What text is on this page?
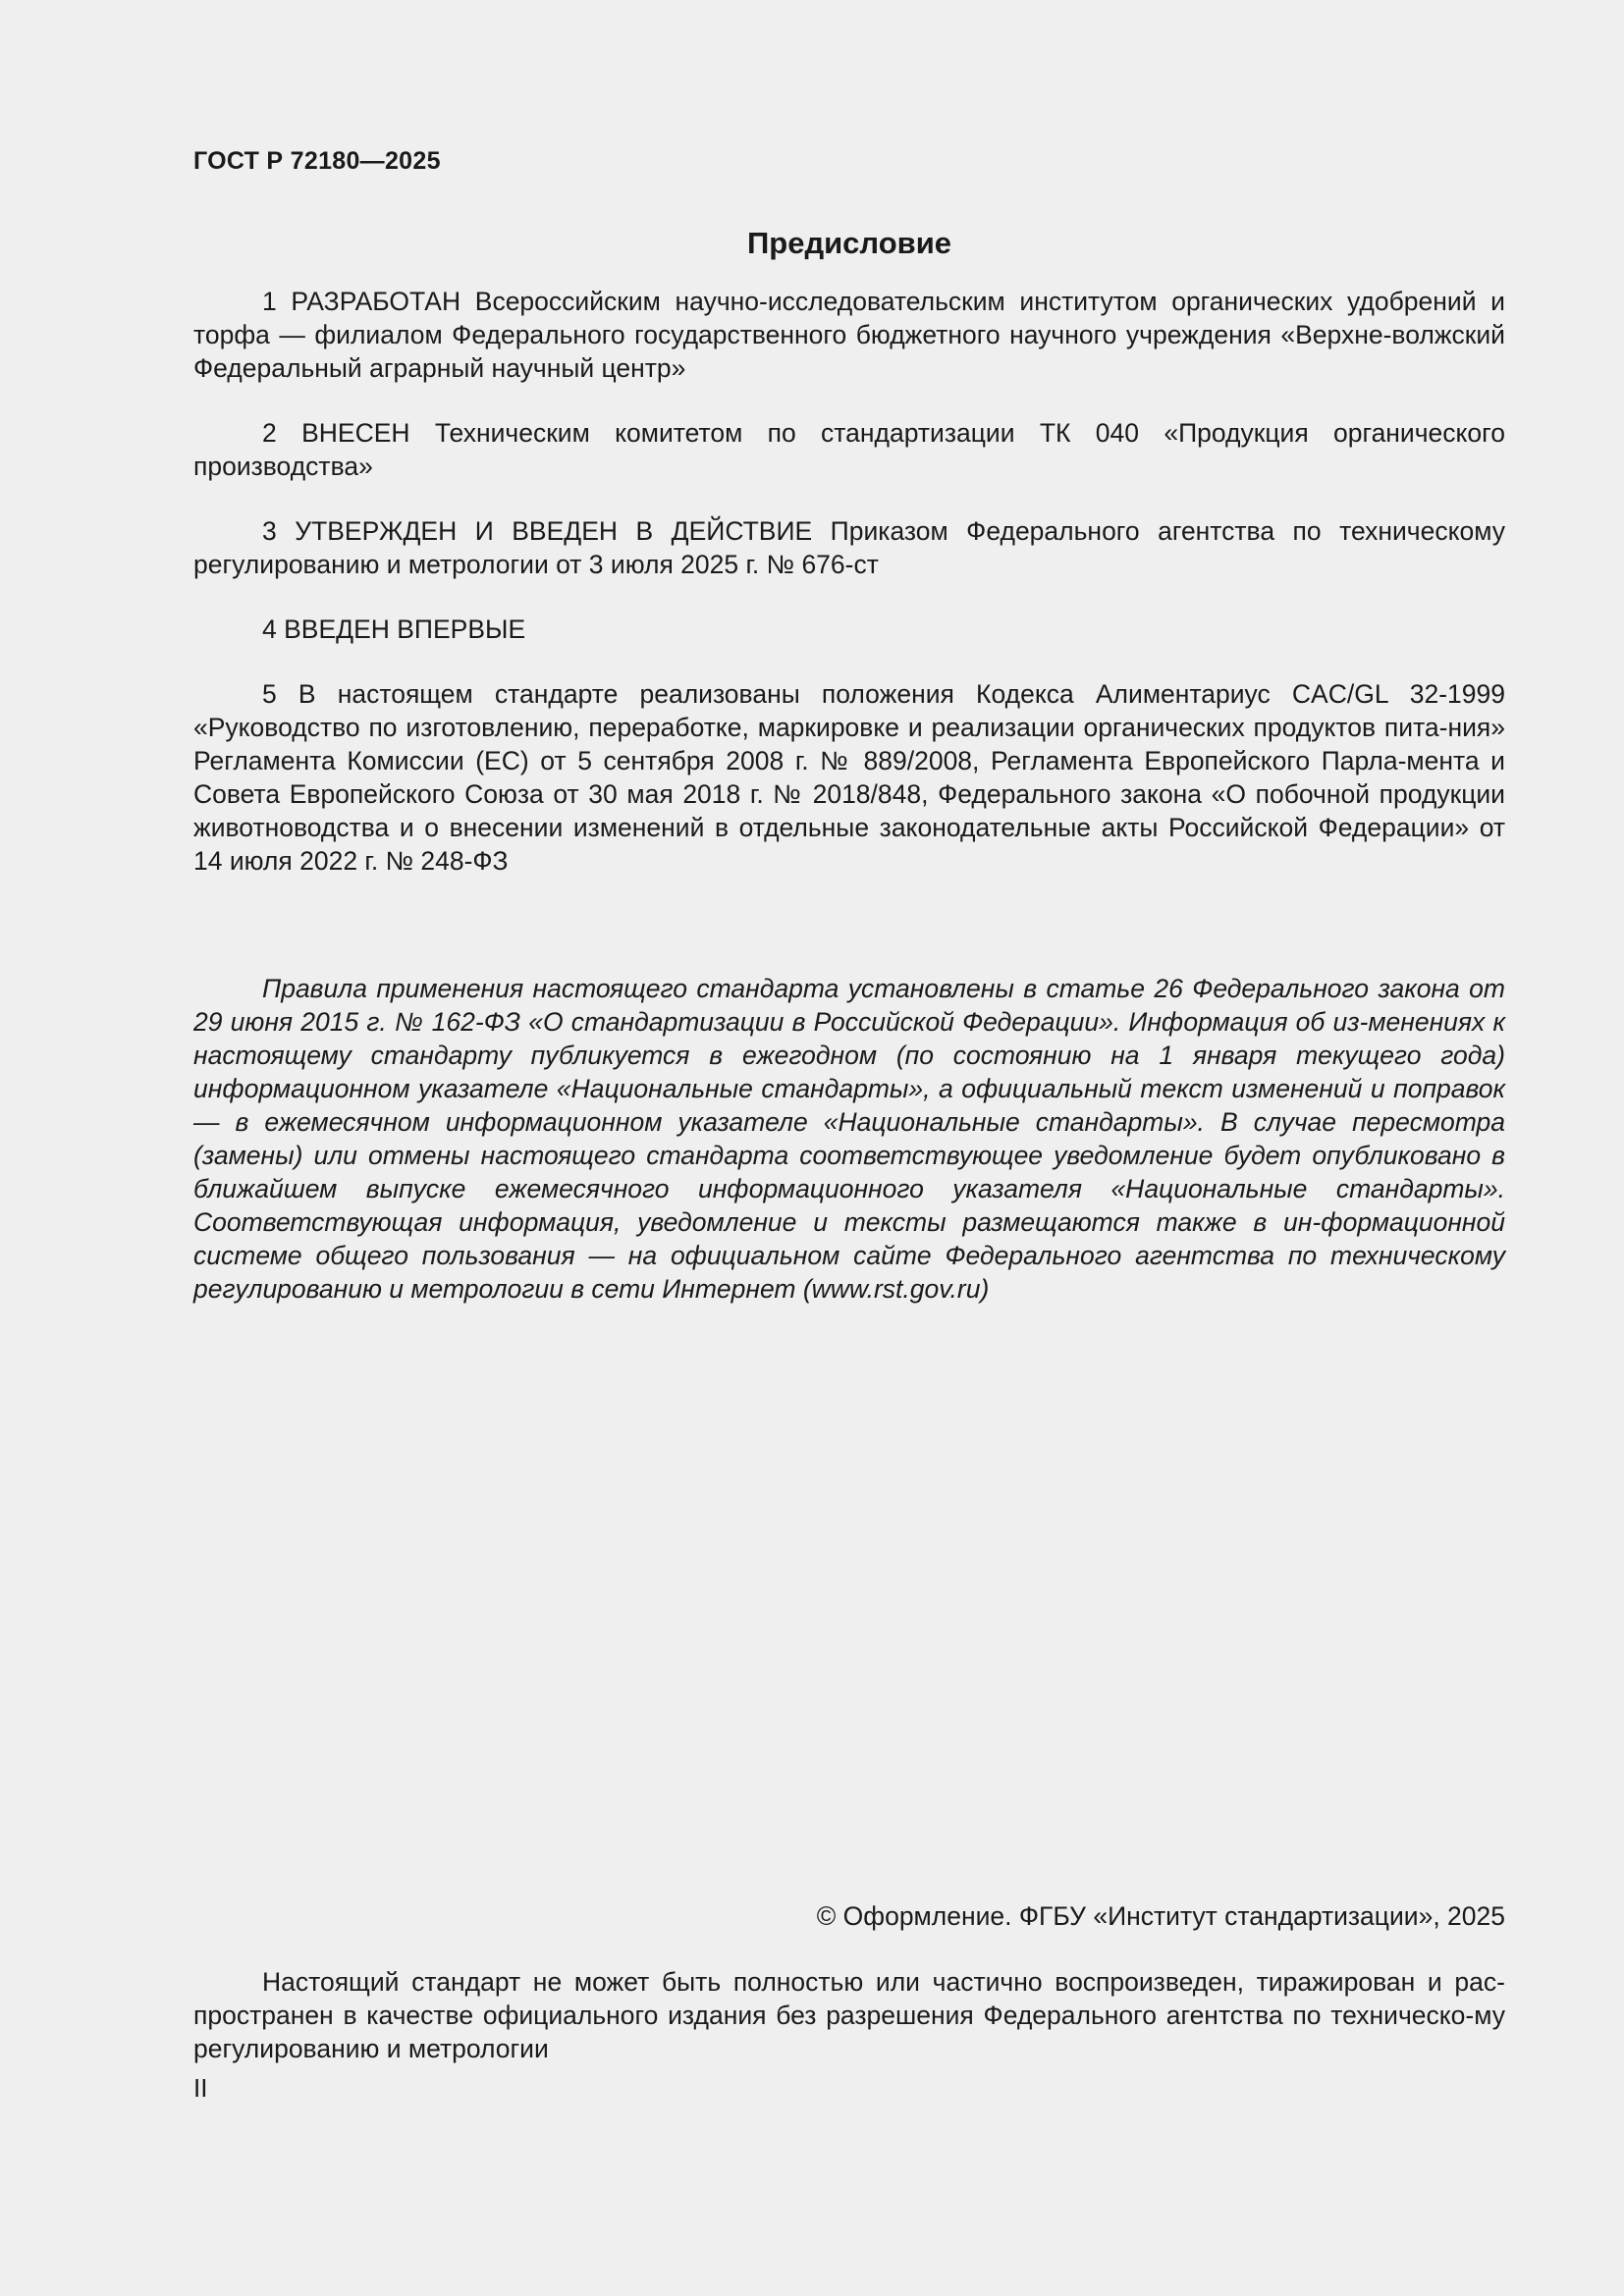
ГОСТ Р 72180—2025
Предисловие

1 РАЗРАБОТАН Всероссийским научно-исследовательским институтом органических удобрений и торфа — филиалом Федерального государственного бюджетного научного учреждения «Верхне-волжский Федеральный аграрный научный центр»

2 ВНЕСЕН Техническим комитетом по стандартизации ТК 040 «Продукция органического производства»

3 УТВЕРЖДЕН И ВВЕДЕН В ДЕЙСТВИЕ Приказом Федерального агентства по техническому регулированию и метрологии от 3 июля 2025 г. № 676-ст

4 ВВЕДЕН ВПЕРВЫЕ

5 В настоящем стандарте реализованы положения Кодекса Алиментариус CAC/GL 32-1999 «Руководство по изготовлению, переработке, маркировке и реализации органических продуктов пита-ния» Регламента Комиссии (ЕС) от 5 сентября 2008 г. № 889/2008, Регламента Европейского Парла-мента и Совета Европейского Союза от 30 мая 2018 г. № 2018/848, Федерального закона «О побочной продукции животноводства и о внесении изменений в отдельные законодательные акты Российской Федерации» от 14 июля 2022 г. № 248-ФЗ

Правила применения настоящего стандарта установлены в статье 26 Федерального закона от 29 июня 2015 г. № 162-ФЗ «О стандартизации в Российской Федерации». Информация об из-менениях к настоящему стандарту публикуется в ежегодном (по состоянию на 1 января текущего года) информационном указателе «Национальные стандарты», а официальный текст изменений и поправок — в ежемесячном информационном указателе «Национальные стандарты». В случае пересмотра (замены) или отмены настоящего стандарта соответствующее уведомление будет опубликовано в ближайшем выпуске ежемесячного информационного указателя «Национальные стандарты». Соответствующая информация, уведомление и тексты размещаются также в ин-формационной системе общего пользования — на официальном сайте Федерального агентства по техническому регулированию и метрологии в сети Интернет (www.rst.gov.ru)

© Оформление. ФГБУ «Институт стандартизации», 2025

Настоящий стандарт не может быть полностью или частично воспроизведен, тиражирован и рас-пространен в качестве официального издания без разрешения Федерального агентства по техническо-му регулированию и метрологии

II
